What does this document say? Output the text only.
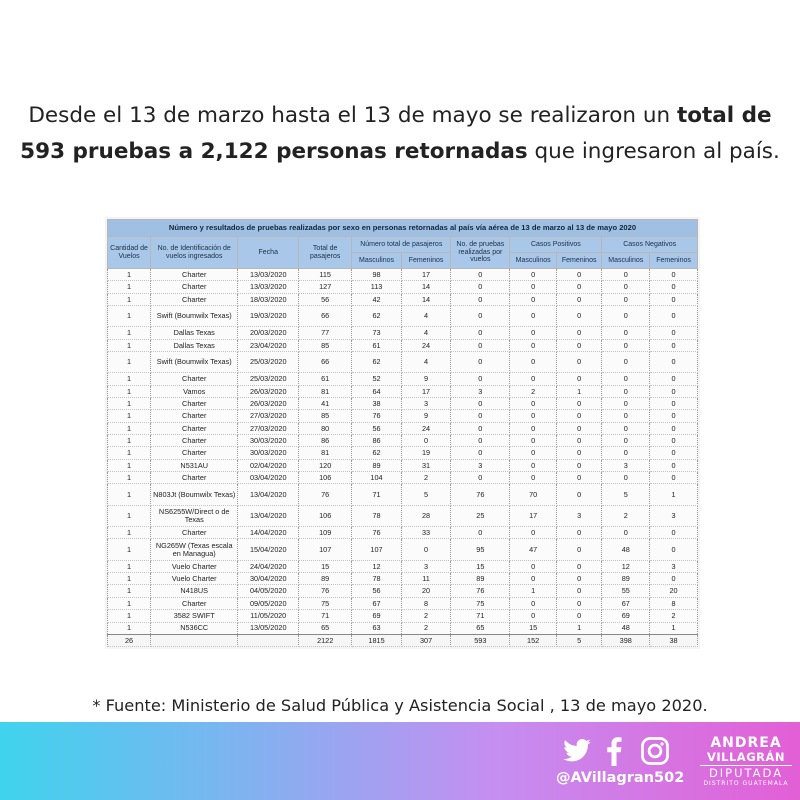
Desde el 13 de marzo hasta el 13 de mayo se realizaron un total de 593 pruebas a 2,122 personas retornadas que ingresaron al país.
Número y resultados de pruebas realizadas por sexo en personas retornadas al país vía aérea de 13 de marzo al 13 de mayo 2020										
Cantidad de Vuelos	No. de Identificación de vuelos ingresados	Fecha	Total de pasajeros	Número total de pasajeros		No. de pruebas realizadas por vuelos	Casos Positivos		Casos Negativos	
				Masculinos	Femeninos		Masculinos	Femeninos	Masculinos	Femeninos
1	Charter	13/03/2020	115	98	17	0	0	0	0	0
1	Charter	13/03/2020	127	113	14	0	0	0	0	0
1	Charter	18/03/2020	56	42	14	0	0	0	0	0
1	Swift (Boumwilx Texas)	19/03/2020	66	62	4	0	0	0	0	0
1	Dallas Texas	20/03/2020	77	73	4	0	0	0	0	0
1	Dallas Texas	23/04/2020	85	61	24	0	0	0	0	0
1	Swift (Boumwilx Texas)	25/03/2020	66	62	4	0	0	0	0	0
1	Charter	25/03/2020	61	52	9	0	0	0	0	0
1	Vamos	26/03/2020	81	64	17	3	2	1	0	0
1	Charter	26/03/2020	41	38	3	0	0	0	0	0
1	Charter	27/03/2020	85	76	9	0	0	0	0	0
1	Charter	27/03/2020	80	56	24	0	0	0	0	0
1	Charter	30/03/2020	86	86	0	0	0	0	0	0
1	Charter	30/03/2020	81	62	19	0	0	0	0	0
1	N531AU	02/04/2020	120	89	31	3	0	0	3	0
1	Charter	03/04/2020	106	104	2	0	0	0	0	0
1	N803Jt (Boumwilx Texas)	13/04/2020	76	71	5	76	70	0	5	1
1	NS6255W/Direct o de Texas	13/04/2020	106	78	28	25	17	3	2	3
1	Charter	14/04/2020	109	76	33	0	0	0	0	0
1	NG265W (Texas escala en Managua)	15/04/2020	107	107	0	95	47	0	48	0
1	Vuelo Charter	24/04/2020	15	12	3	15	0	0	12	3
1	Vuelo Charter	30/04/2020	89	78	11	89	0	0	89	0
1	N418US	04/05/2020	76	56	20	76	1	0	55	20
1	Charter	09/05/2020	75	67	8	75	0	0	67	8
1	3582 SWIFT	11/05/2020	71	69	2	71	0	0	69	2
1	N536CC	13/05/2020	65	63	2	65	15	1	48	1
26			2122	1815	307	593	152	5	398	38
* Fuente: Ministerio de Salud Pública y Asistencia Social , 13 de mayo 2020.
@AVillagran502
ANDREA
VILLAGRÁN
DIPUTADA
DISTRITO GUATEMALA
